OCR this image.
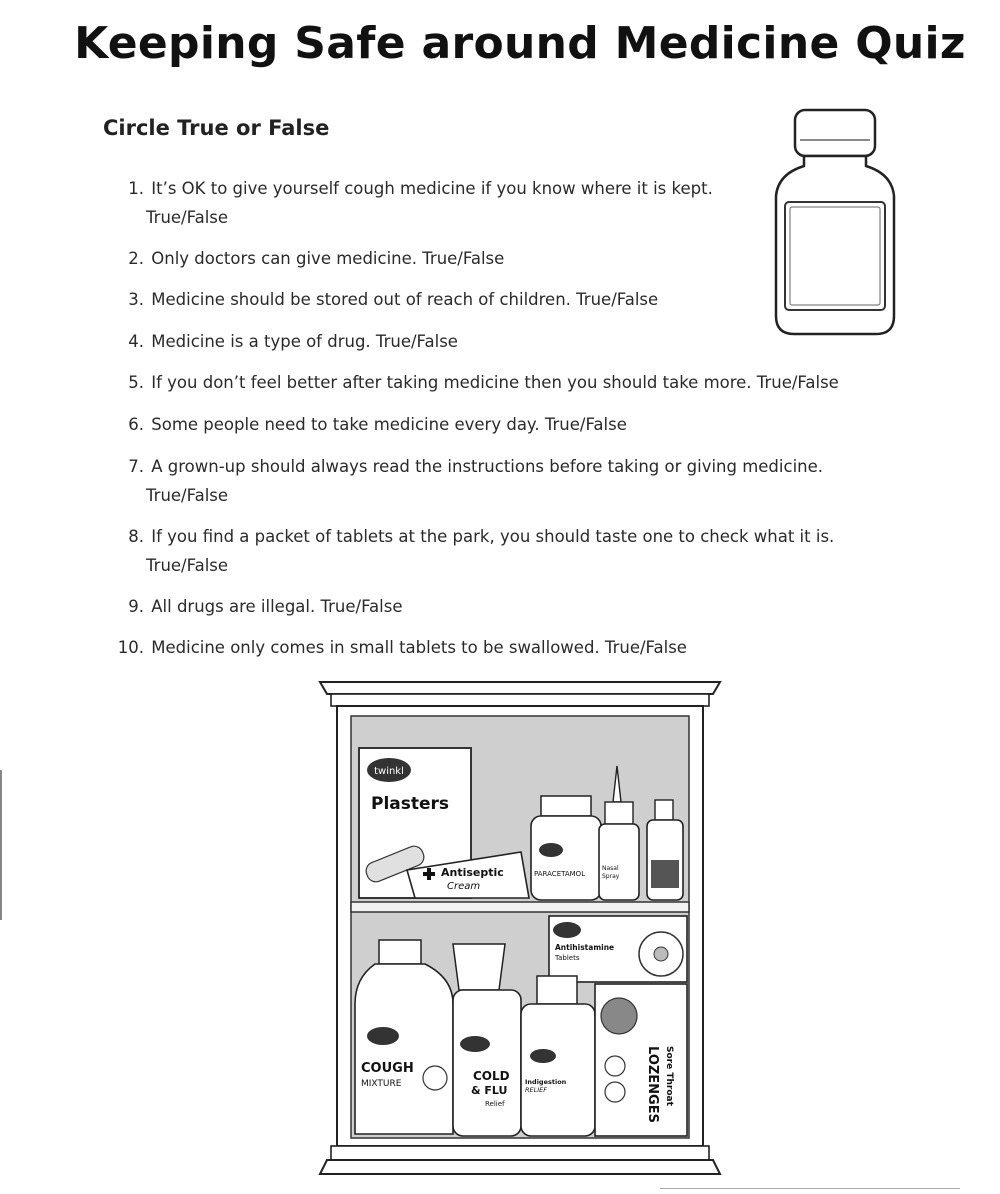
Keeping Safe around Medicine Quiz
Circle True or False
1. It’s OK to give yourself cough medicine if you know where it is kept.
True/False
2. Only doctors can give medicine. True/False
3. Medicine should be stored out of reach of children. True/False
4. Medicine is a type of drug. True/False
5. If you don’t feel better after taking medicine then you should take more. True/False
6. Some people need to take medicine every day. True/False
7. A grown-up should always read the instructions before taking or giving medicine.
True/False
8. If you find a packet of tablets at the park, you should taste one to check what it is.
True/False
9. All drugs are illegal. True/False
10. Medicine only comes in small tablets to be swallowed. True/False
twinkl
Plasters
Antiseptic
Cream
PARACETAMOL
Nasal
Spray
Antihistamine
Tablets
COUGH
MIXTURE
COLD
& FLU
Relief
Indigestion
RELIEF	Sore Throat
LOZENGES
